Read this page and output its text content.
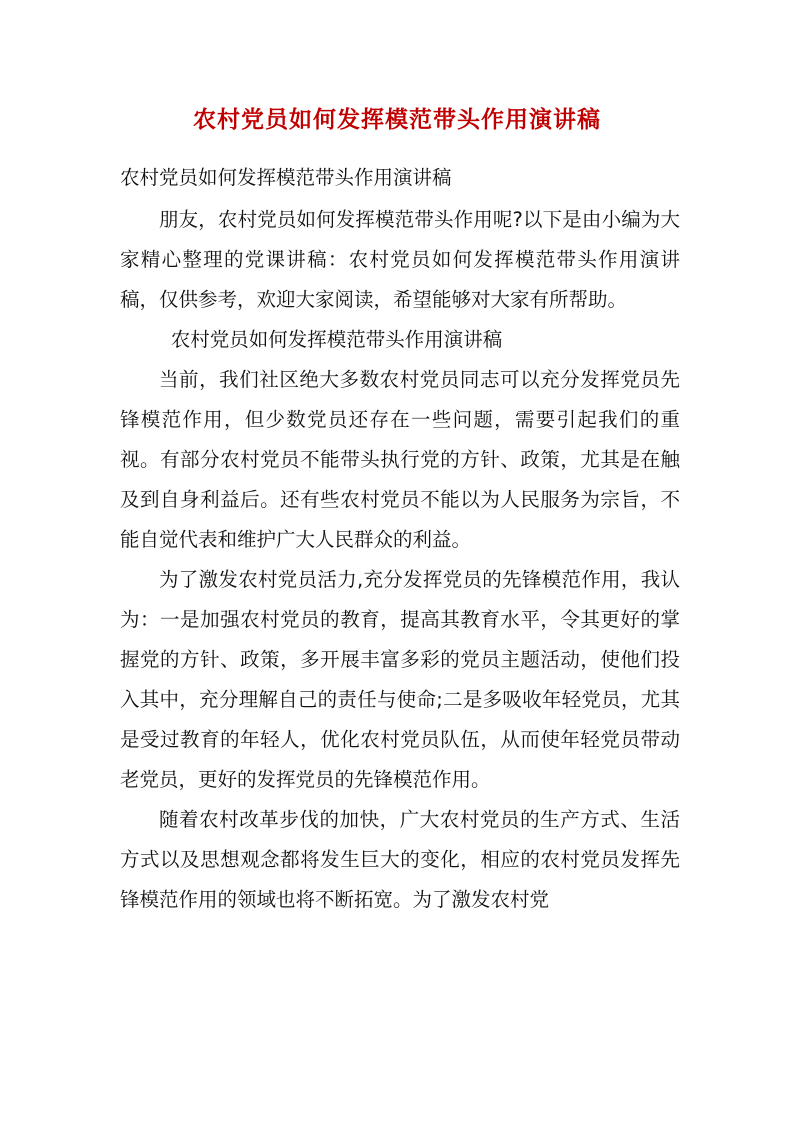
农村党员如何发挥模范带头作用演讲稿
农村党员如何发挥模范带头作用演讲稿

朋友，农村党员如何发挥模范带头作用呢?以下是由小编为大家精心整理的党课讲稿：农村党员如何发挥模范带头作用演讲稿，仅供参考，欢迎大家阅读，希望能够对大家有所帮助。

农村党员如何发挥模范带头作用演讲稿

当前，我们社区绝大多数农村党员同志可以充分发挥党员先锋模范作用，但少数党员还存在一些问题，需要引起我们的重视。有部分农村党员不能带头执行党的方针、政策，尤其是在触及到自身利益后。还有些农村党员不能以为人民服务为宗旨，不能自觉代表和维护广大人民群众的利益。

为了激发农村党员活力,充分发挥党员的先锋模范作用，我认为：一是加强农村党员的教育，提高其教育水平，令其更好的掌握党的方针、政策，多开展丰富多彩的党员主题活动，使他们投入其中，充分理解自己的责任与使命;二是多吸收年轻党员，尤其是受过教育的年轻人，优化农村党员队伍，从而使年轻党员带动老党员，更好的发挥党员的先锋模范作用。

随着农村改革步伐的加快，广大农村党员的生产方式、生活方式以及思想观念都将发生巨大的变化，相应的农村党员发挥先锋模范作用的领域也将不断拓宽。为了激发农村党
